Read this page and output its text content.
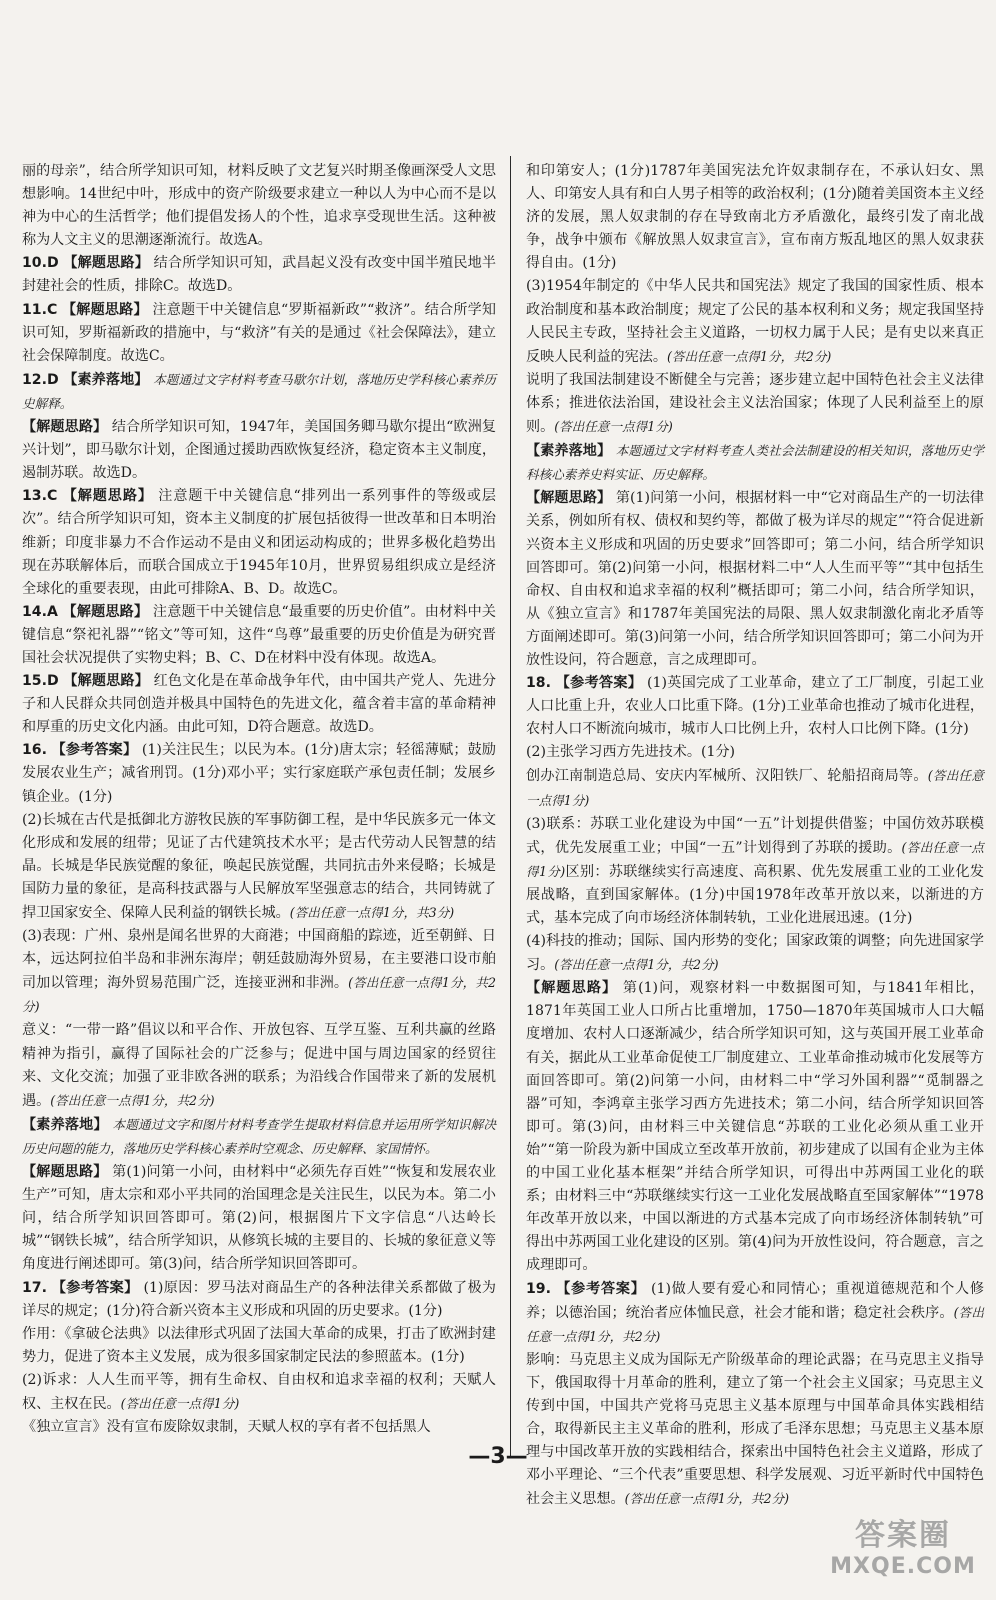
丽的母亲”，结合所学知识可知，材料反映了文艺复兴时期圣像画深受人文思想影响。14世纪中叶，形成中的资产阶级要求建立一种以人为中心而不是以神为中心的生活哲学；他们提倡发扬人的个性，追求享受现世生活。这种被称为人文主义的思潮逐渐流行。故选A。

10.D 【解题思路】 结合所学知识可知，武昌起义没有改变中国半殖民地半封建社会的性质，排除C。故选D。

11.C 【解题思路】 注意题干中关键信息“罗斯福新政”“救济”。结合所学知识可知，罗斯福新政的措施中，与“救济”有关的是通过《社会保障法》，建立社会保障制度。故选C。

12.D 【素养落地】 本题通过文字材料考查马歇尔计划，落地历史学科核心素养历史解释。

【解题思路】 结合所学知识可知，1947年，美国国务卿马歇尔提出“欧洲复兴计划”，即马歇尔计划，企图通过援助西欧恢复经济，稳定资本主义制度，遏制苏联。故选D。

13.C 【解题思路】 注意题干中关键信息“排列出一系列事件的等级或层次”。结合所学知识可知，资本主义制度的扩展包括彼得一世改革和日本明治维新；印度非暴力不合作运动不是由义和团运动构成的；世界多极化趋势出现在苏联解体后，而联合国成立于1945年10月，世界贸易组织成立是经济全球化的重要表现，由此可排除A、B、D。故选C。

14.A 【解题思路】 注意题干中关键信息“最重要的历史价值”。由材料中关键信息“祭祀礼器”“铭文”等可知，这件“鸟尊”最重要的历史价值是为研究晋国社会状况提供了实物史料；B、C、D在材料中没有体现。故选A。

15.D 【解题思路】 红色文化是在革命战争年代，由中国共产党人、先进分子和人民群众共同创造并极具中国特色的先进文化，蕴含着丰富的革命精神和厚重的历史文化内涵。由此可知，D符合题意。故选D。

16. 【参考答案】 (1)关注民生；以民为本。(1分)唐太宗；轻徭薄赋；鼓励发展农业生产；减省刑罚。(1分)邓小平；实行家庭联产承包责任制；发展乡镇企业。(1分)

(2)长城在古代是抵御北方游牧民族的军事防御工程，是中华民族多元一体文化形成和发展的纽带；见证了古代建筑技术水平；是古代劳动人民智慧的结晶。长城是华民族觉醒的象征，唤起民族觉醒，共同抗击外来侵略；长城是国防力量的象征，是高科技武器与人民解放军坚强意志的结合，共同铸就了捍卫国家安全、保障人民利益的钢铁长城。(答出任意一点得1分，共3分)

(3)表现：广州、泉州是闻名世界的大商港；中国商船的踪迹，近至朝鲜、日本，远达阿拉伯半岛和非洲东海岸；朝廷鼓励海外贸易，在主要港口设市舶司加以管理；海外贸易范围广泛，连接亚洲和非洲。(答出任意一点得1分，共2分)

意义：“一带一路”倡议以和平合作、开放包容、互学互鉴、互利共赢的丝路精神为指引，赢得了国际社会的广泛参与；促进中国与周边国家的经贸往来、文化交流；加强了亚非欧各洲的联系；为沿线合作国带来了新的发展机遇。(答出任意一点得1分，共2分)

【素养落地】 本题通过文字和图片材料考查学生提取材料信息并运用所学知识解决历史问题的能力，落地历史学科核心素养时空观念、历史解释、家国情怀。

【解题思路】 第(1)问第一小问，由材料中“必须先存百姓”“恢复和发展农业生产”可知，唐太宗和邓小平共同的治国理念是关注民生，以民为本。第二小问，结合所学知识回答即可。第(2)问，根据图片下文字信息“八达岭长城”“钢铁长城”，结合所学知识，从修筑长城的主要目的、长城的象征意义等角度进行阐述即可。第(3)问，结合所学知识回答即可。

17. 【参考答案】 (1)原因：罗马法对商品生产的各种法律关系都做了极为详尽的规定；(1分)符合新兴资本主义形成和巩固的历史要求。(1分)

作用：《拿破仑法典》以法律形式巩固了法国大革命的成果，打击了欧洲封建势力，促进了资本主义发展，成为很多国家制定民法的参照蓝本。(1分)

(2)诉求：人人生而平等，拥有生命权、自由权和追求幸福的权利；天赋人权、主权在民。(答出任意一点得1分)

《独立宣言》没有宣布废除奴隶制，天赋人权的享有者不包括黑人

和印第安人；(1分)1787年美国宪法允许奴隶制存在，不承认妇女、黑人、印第安人具有和白人男子相等的政治权利；(1分)随着美国资本主义经济的发展，黑人奴隶制的存在导致南北方矛盾激化，最终引发了南北战争，战争中颁布《解放黑人奴隶宣言》，宣布南方叛乱地区的黑人奴隶获得自由。(1分)

(3)1954年制定的《中华人民共和国宪法》规定了我国的国家性质、根本政治制度和基本政治制度；规定了公民的基本权利和义务；规定我国坚持人民民主专政，坚持社会主义道路，一切权力属于人民；是有史以来真正反映人民利益的宪法。(答出任意一点得1分，共2分)

说明了我国法制建设不断健全与完善；逐步建立起中国特色社会主义法律体系；推进依法治国，建设社会主义法治国家；体现了人民利益至上的原则。(答出任意一点得1分)

【素养落地】 本题通过文字材料考查人类社会法制建设的相关知识，落地历史学科核心素养史料实证、历史解释。

【解题思路】 第(1)问第一小问，根据材料一中“它对商品生产的一切法律关系，例如所有权、债权和契约等，都做了极为详尽的规定”“符合促进新兴资本主义形成和巩固的历史要求”回答即可；第二小问，结合所学知识回答即可。第(2)问第一小问，根据材料二中“人人生而平等”“其中包括生命权、自由权和追求幸福的权利”概括即可；第二小问，结合所学知识，从《独立宣言》和1787年美国宪法的局限、黑人奴隶制激化南北矛盾等方面阐述即可。第(3)问第一小问，结合所学知识回答即可；第二小问为开放性设问，符合题意，言之成理即可。

18. 【参考答案】 (1)英国完成了工业革命，建立了工厂制度，引起工业人口比重上升，农业人口比重下降。(1分)工业革命也推动了城市化进程，农村人口不断流向城市，城市人口比例上升，农村人口比例下降。(1分)

(2)主张学习西方先进技术。(1分)

创办江南制造总局、安庆内军械所、汉阳铁厂、轮船招商局等。(答出任意一点得1分)

(3)联系：苏联工业化建设为中国“一五”计划提供借鉴；中国仿效苏联模式，优先发展重工业；中国“一五”计划得到了苏联的援助。(答出任意一点得1分)区别：苏联继续实行高速度、高积累、优先发展重工业的工业化发展战略，直到国家解体。(1分)中国1978年改革开放以来，以渐进的方式，基本完成了向市场经济体制转轨，工业化进展迅速。(1分)

(4)科技的推动；国际、国内形势的变化；国家政策的调整；向先进国家学习。(答出任意一点得1分，共2分)

【解题思路】 第(1)问，观察材料一中数据图可知，与1841年相比，1871年英国工业人口所占比重增加，1750—1870年英国城市人口大幅度增加、农村人口逐渐减少，结合所学知识可知，这与英国开展工业革命有关，据此从工业革命促使工厂制度建立、工业革命推动城市化发展等方面回答即可。第(2)问第一小问，由材料二中“学习外国利器”“觅制器之器”可知，李鸿章主张学习西方先进技术；第二小问，结合所学知识回答即可。第(3)问，由材料三中关键信息“苏联的工业化必须从重工业开始”“第一阶段为新中国成立至改革开放前，初步建成了以国有企业为主体的中国工业化基本框架”并结合所学知识，可得出中苏两国工业化的联系；由材料三中“苏联继续实行这一工业化发展战略直至国家解体”“1978年改革开放以来，中国以渐进的方式基本完成了向市场经济体制转轨”可得出中苏两国工业化建设的区别。第(4)问为开放性设问，符合题意，言之成理即可。

19. 【参考答案】 (1)做人要有爱心和同情心；重视道德规范和个人修养；以德治国；统治者应体恤民意，社会才能和谐；稳定社会秩序。(答出任意一点得1分，共2分)

影响：马克思主义成为国际无产阶级革命的理论武器；在马克思主义指导下，俄国取得十月革命的胜利，建立了第一个社会主义国家；马克思主义传到中国，中国共产党将马克思主义基本原理与中国革命具体实践相结合，取得新民主主义革命的胜利，形成了毛泽东思想；马克思主义基本原理与中国改革开放的实践相结合，探索出中国特色社会主义道路，形成了邓小平理论、“三个代表”重要思想、科学发展观、习近平新时代中国特色社会主义思想。(答出任意一点得1分，共2分)

—3—
答案圈
MXQE.COM
